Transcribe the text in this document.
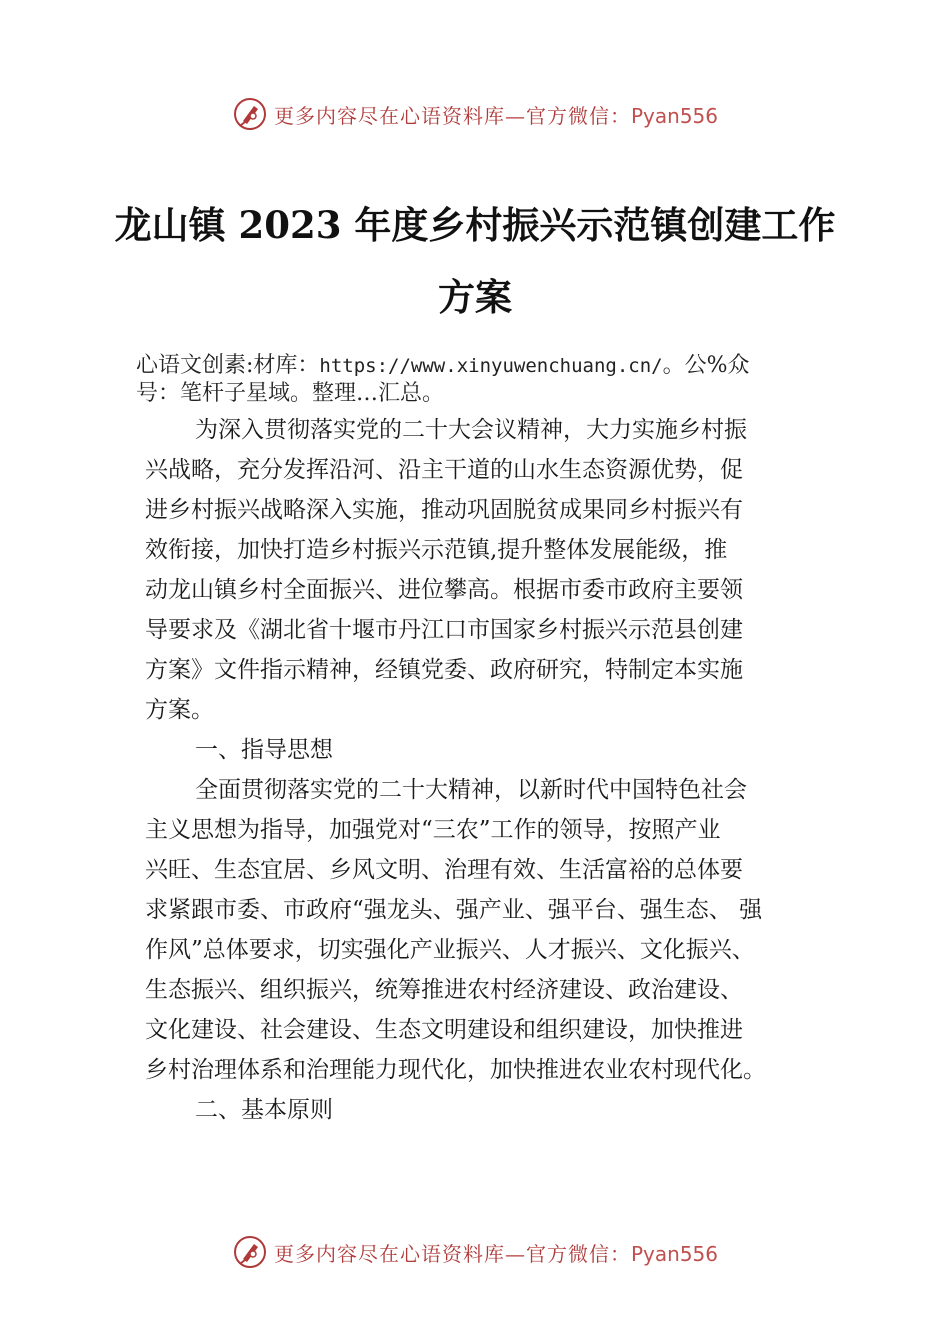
更多内容尽在心语资料库—官方微信：Pyan556
龙山镇 2023 年度乡村振兴示范镇创建工作
方案
心语文创素:材库：https://www.xinyuwenchuang.cn/。公%众
号：笔杆子星域。整理…汇总。
为深入贯彻落实党的二十大会议精神，大力实施乡村振
兴战略，充分发挥沿河、沿主干道的山水生态资源优势，促
进乡村振兴战略深入实施，推动巩固脱贫成果同乡村振兴有
效衔接，加快打造乡村振兴示范镇,提升整体发展能级，推
动龙山镇乡村全面振兴、进位攀高。根据市委市政府主要领
导要求及《湖北省十堰市丹江口市国家乡村振兴示范县创建
方案》文件指示精神，经镇党委、政府研究，特制定本实施
方案。
一、指导思想
全面贯彻落实党的二十大精神，以新时代中国特色社会
主义思想为指导，加强党对“三农”工作的领导，按照产业
兴旺、生态宜居、乡风文明、治理有效、生活富裕的总体要
求紧跟市委、市政府“强龙头、强产业、强平台、强生态、 强
作风”总体要求，切实强化产业振兴、人才振兴、文化振兴、
生态振兴、组织振兴，统筹推进农村经济建设、政治建设、
文化建设、社会建设、生态文明建设和组织建设，加快推进
乡村治理体系和治理能力现代化，加快推进农业农村现代化。
二、基本原则
更多内容尽在心语资料库—官方微信：Pyan556
